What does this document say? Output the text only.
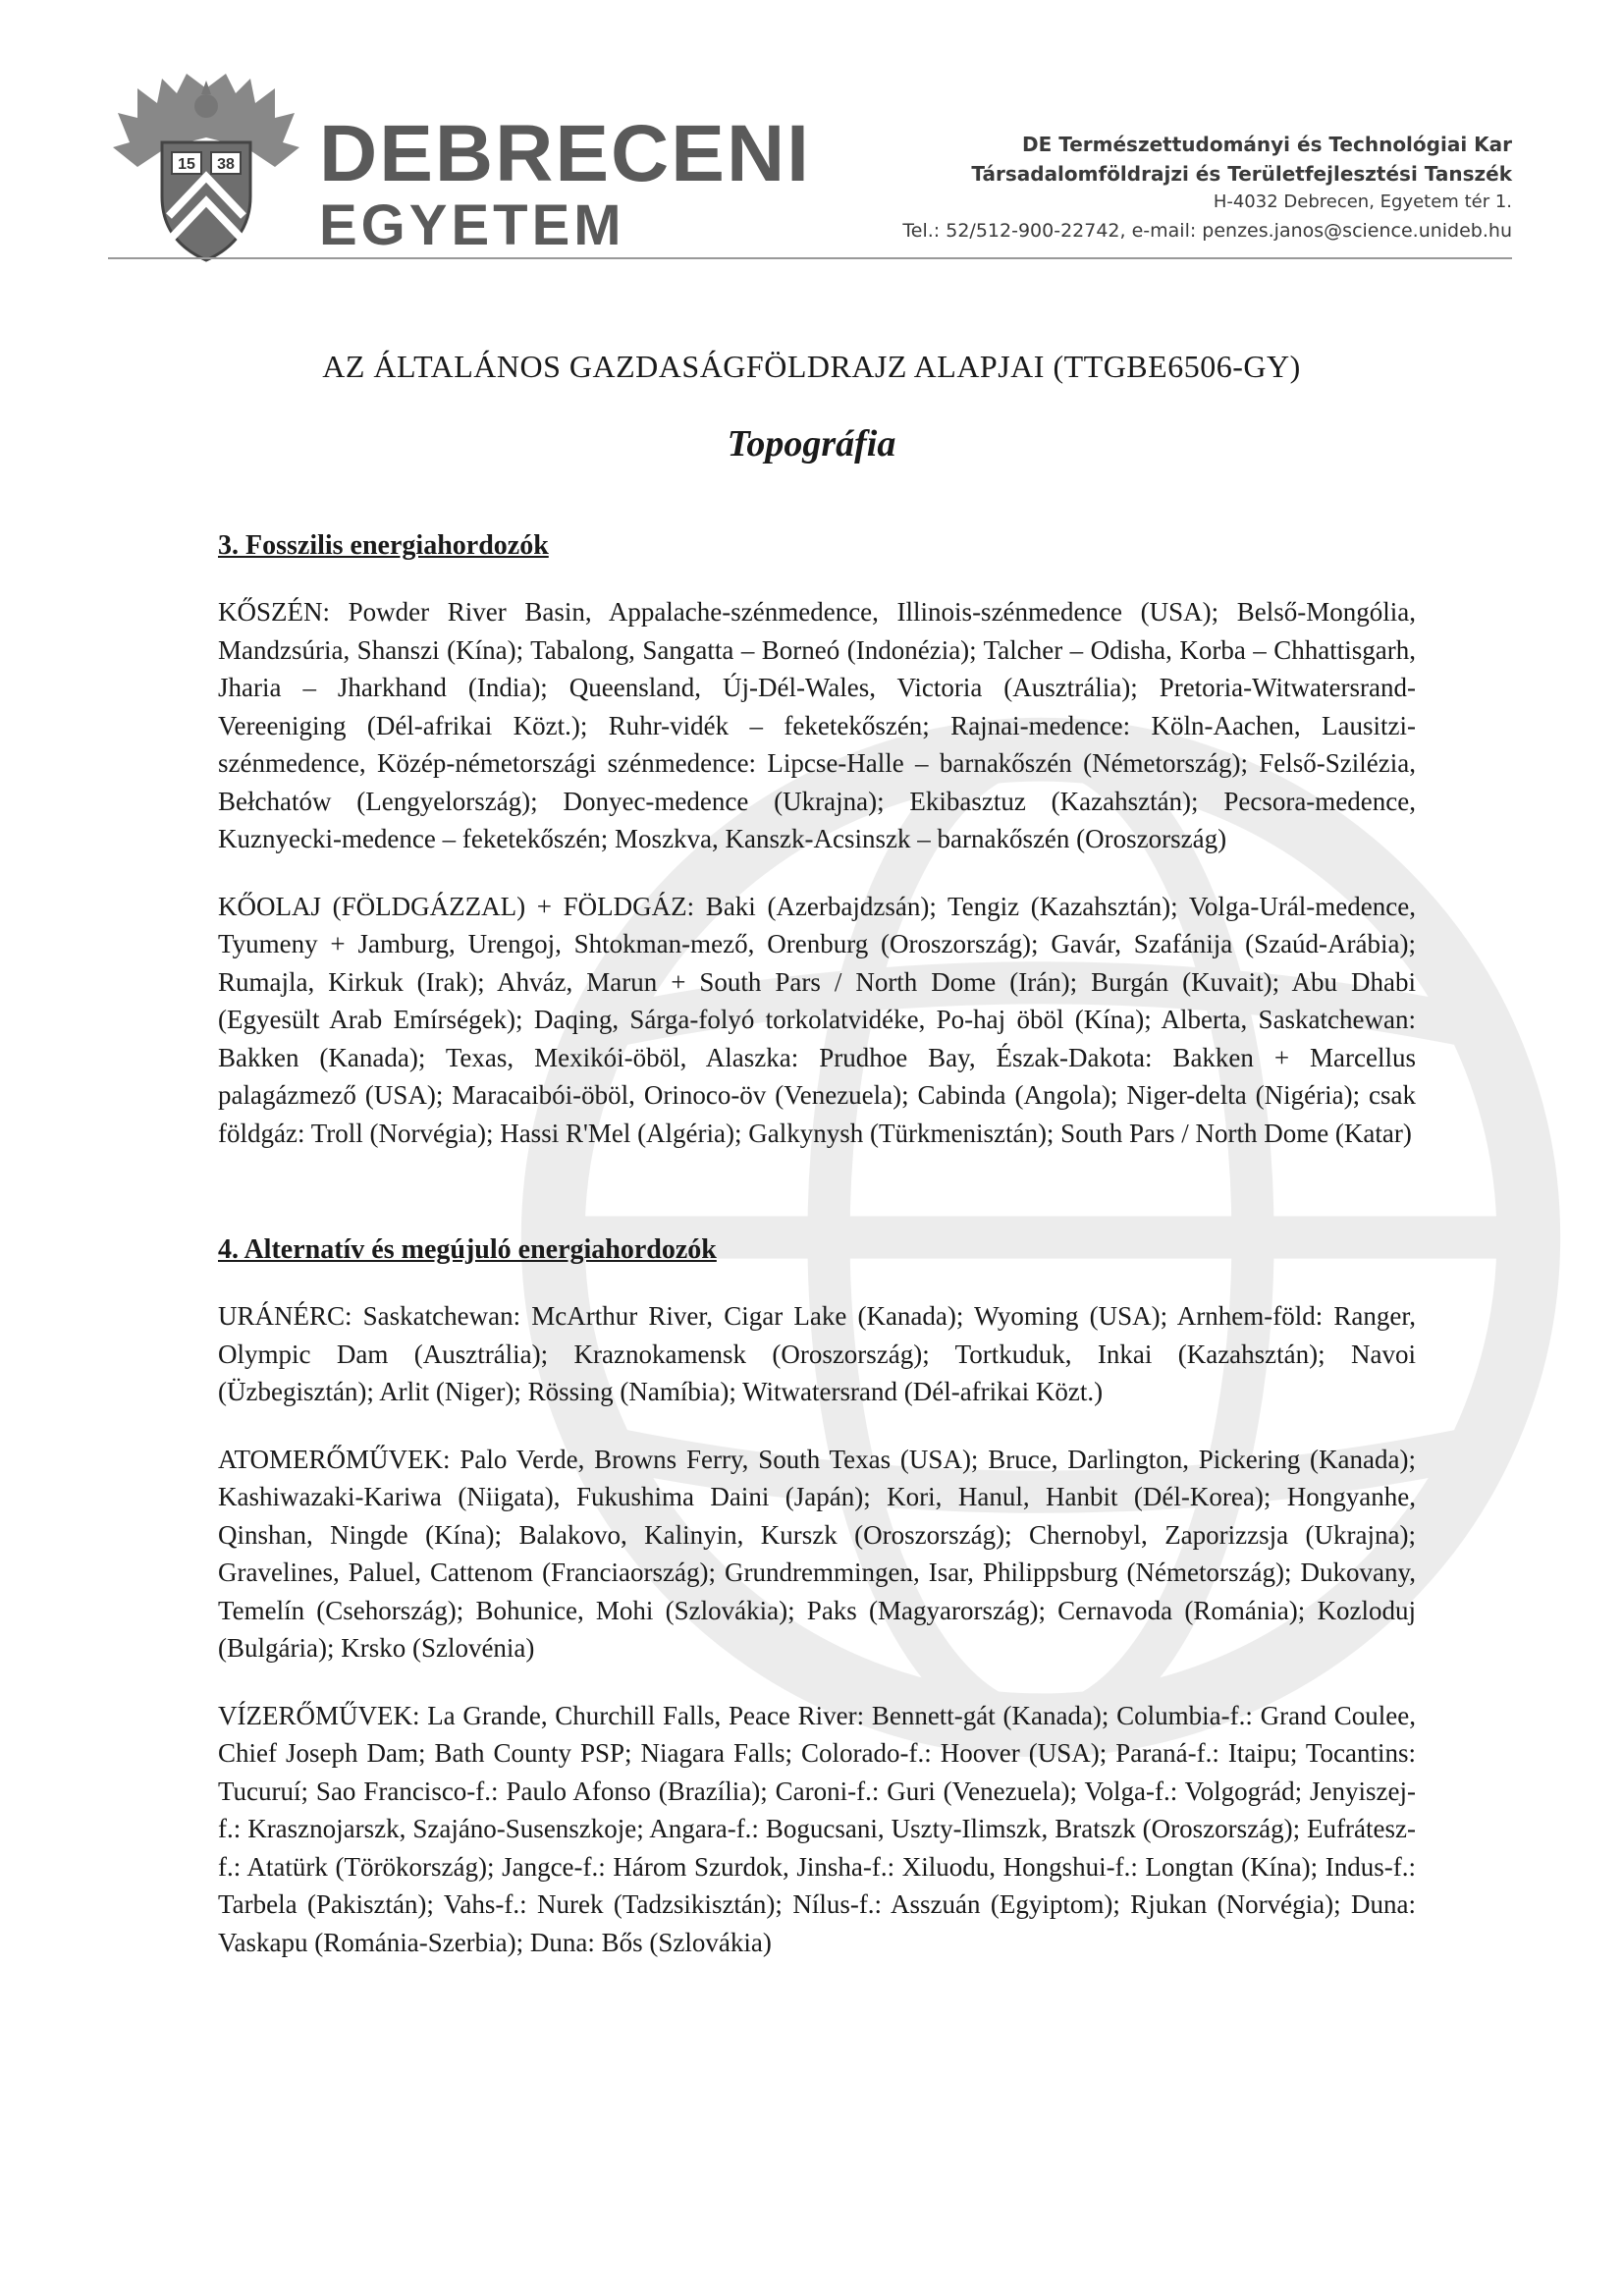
15 38 DEBRECENI
EGYETEM
DE Természettudományi és Technológiai Kar
Társadalomföldrajzi és Területfejlesztési Tanszék
H-4032 Debrecen, Egyetem tér 1.
Tel.: 52/512-900-22742, e-mail: penzes.janos@science.unideb.hu
AZ ÁLTALÁNOS GAZDASÁGFÖLDRAJZ ALAPJAI (TTGBE6506-GY)
Topográfia
3. Fosszilis energiahordozók

KŐSZÉN: Powder River Basin, Appalache-szénmedence, Illinois-szénmedence (USA); Belső-Mongólia, Mandzsúria, Shanszi (Kína); Tabalong, Sangatta – Borneó (Indonézia); Talcher – Odisha, Korba – Chhattisgarh, Jharia – Jharkhand (India); Queensland, Új-Dél-Wales, Victoria (Ausztrália); Pretoria-Witwatersrand-Vereeniging (Dél-afrikai Közt.); Ruhr-vidék – feketekőszén; Rajnai-medence: Köln-Aachen, Lausitzi-szénmedence, Közép-németországi szénmedence: Lipcse-Halle – barnakőszén (Németország); Felső-Szilézia, Bełchatów (Lengyelország); Donyec-medence (Ukrajna); Ekibasztuz (Kazahsztán); Pecsora-medence, Kuznyecki-medence – feketekőszén; Moszkva, Kanszk-Acsinszk – barnakőszén (Oroszország)

KŐOLAJ (FÖLDGÁZZAL) + FÖLDGÁZ: Baki (Azerbajdzsán); Tengiz (Kazahsztán); Volga-Urál-medence, Tyumeny + Jamburg, Urengoj, Shtokman-mező, Orenburg (Oroszország); Gavár, Szafánija (Szaúd-Arábia); Rumajla, Kirkuk (Irak); Ahváz, Marun + South Pars / North Dome (Irán); Burgán (Kuvait); Abu Dhabi (Egyesült Arab Emírségek); Daqing, Sárga-folyó torkolatvidéke, Po-haj öböl (Kína); Alberta, Saskatchewan: Bakken (Kanada); Texas, Mexikói-öböl, Alaszka: Prudhoe Bay, Észak-Dakota: Bakken + Marcellus palagázmező (USA); Maracaibói-öböl, Orinoco-öv (Venezuela); Cabinda (Angola); Niger-delta (Nigéria); csak földgáz: Troll (Norvégia); Hassi R'Mel (Algéria); Galkynysh (Türkmenisztán); South Pars / North Dome (Katar)

4. Alternatív és megújuló energiahordozók

URÁNÉRC: Saskatchewan: McArthur River, Cigar Lake (Kanada); Wyoming (USA); Arnhem-föld: Ranger, Olympic Dam (Ausztrália); Kraznokamensk (Oroszország); Tortkuduk, Inkai (Kazahsztán); Navoi (Üzbegisztán); Arlit (Niger); Rössing (Namíbia); Witwatersrand (Dél-afrikai Közt.)

ATOMERŐMŰVEK: Palo Verde, Browns Ferry, South Texas (USA); Bruce, Darlington, Pickering (Kanada); Kashiwazaki-Kariwa (Niigata), Fukushima Daini (Japán); Kori, Hanul, Hanbit (Dél-Korea); Hongyanhe, Qinshan, Ningde (Kína); Balakovo, Kalinyin, Kurszk (Oroszország); Chernobyl, Zaporizzsja (Ukrajna); Gravelines, Paluel, Cattenom (Franciaország); Grundremmingen, Isar, Philippsburg (Németország); Dukovany, Temelín (Csehország); Bohunice, Mohi (Szlovákia); Paks (Magyarország); Cernavoda (Románia); Kozloduj (Bulgária); Krsko (Szlovénia)

VÍZERŐMŰVEK: La Grande, Churchill Falls, Peace River: Bennett-gát (Kanada); Columbia-f.: Grand Coulee, Chief Joseph Dam; Bath County PSP; Niagara Falls; Colorado-f.: Hoover (USA); Paraná-f.: Itaipu; Tocantins: Tucuruí; Sao Francisco-f.: Paulo Afonso (Brazília); Caroni-f.: Guri (Venezuela); Volga-f.: Volgográd; Jenyiszej-f.: Krasznojarszk, Szajáno-Susenszkoje; Angara-f.: Bogucsani, Uszty-Ilimszk, Bratszk (Oroszország); Eufrátesz-f.: Atatürk (Törökország); Jangce-f.: Három Szurdok, Jinsha-f.: Xiluodu, Hongshui-f.: Longtan (Kína); Indus-f.: Tarbela (Pakisztán); Vahs-f.: Nurek (Tadzsikisztán); Nílus-f.: Asszuán (Egyiptom); Rjukan (Norvégia); Duna: Vaskapu (Románia-Szerbia); Duna: Bős (Szlovákia)
